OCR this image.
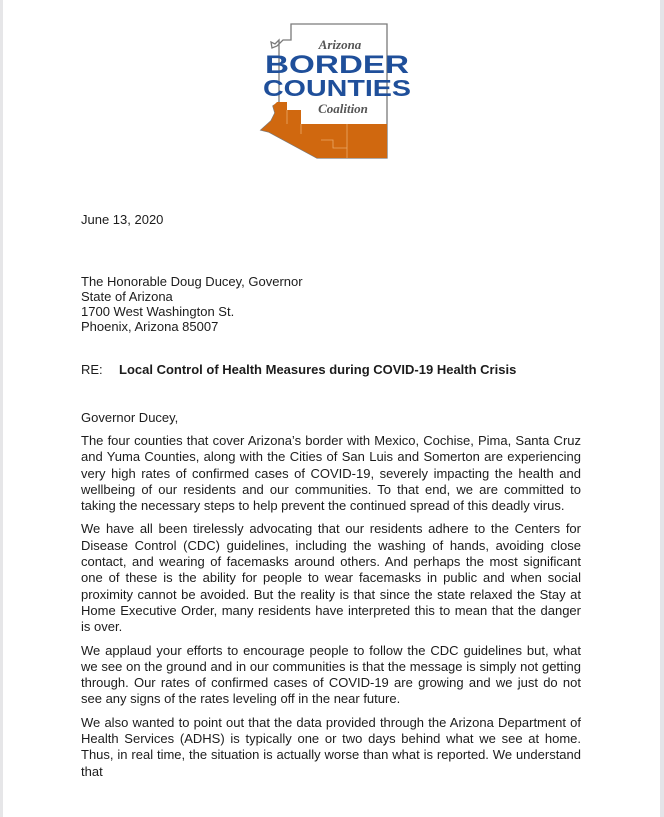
Arizona
BORDER
COUNTIES
Coalition
June 13, 2020
The Honorable Doug Ducey, Governor
State of Arizona
1700 West Washington St.
Phoenix, Arizona 85007
RE: Local Control of Health Measures during COVID-19 Health Crisis
Governor Ducey,

The four counties that cover Arizona’s border with Mexico, Cochise, Pima, Santa Cruz and Yuma Counties, along with the Cities of San Luis and Somerton are experiencing very high rates of confirmed cases of COVID-19, severely impacting the health and wellbeing of our residents and our communities. To that end, we are committed to taking the necessary steps to help prevent the continued spread of this deadly virus.

We have all been tirelessly advocating that our residents adhere to the Centers for Disease Control (CDC) guidelines, including the washing of hands, avoiding close contact, and wearing of facemasks around others. And perhaps the most significant one of these is the ability for people to wear facemasks in public and when social proximity cannot be avoided. But the reality is that since the state relaxed the Stay at Home Executive Order, many residents have interpreted this to mean that the danger is over.

We applaud your efforts to encourage people to follow the CDC guidelines but, what we see on the ground and in our communities is that the message is simply not getting through. Our rates of confirmed cases of COVID-19 are growing and we just do not see any signs of the rates leveling off in the near future.

We also wanted to point out that the data provided through the Arizona Department of Health Services (ADHS) is typically one or two days behind what we see at home. Thus, in real time, the situation is actually worse than what is reported. We understand that
